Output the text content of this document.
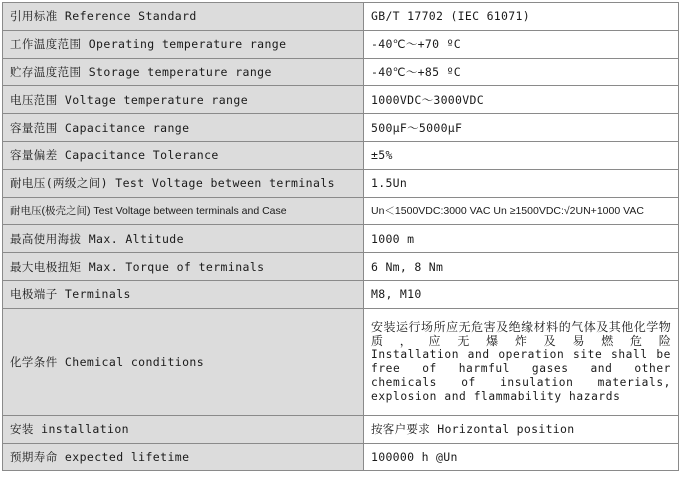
引用标准 Reference Standard	GB/T 17702 (IEC 61071)
工作温度范围 Operating temperature range	-40℃～+70 ºC
贮存温度范围 Storage temperature range	-40℃～+85 ºC
电压范围 Voltage temperature range	1000VDC～3000VDC
容量范围 Capacitance range	500μF～5000μF
容量偏差 Capacitance Tolerance	±5%
耐电压(两级之间) Test Voltage between terminals	1.5Un
耐电压(极壳之间) Test Voltage between terminals and Case	Un＜1500VDC:3000 VAC Un ≥1500VDC:√2UN+1000 VAC
最高使用海拔 Max. Altitude	1000 m
最大电极扭矩 Max. Torque of terminals	6 Nm, 8 Nm
电极端子 Terminals	M8, M10
化学条件 Chemical conditions	安装运行场所应无危害及绝缘材料的气体及其他化学物质，应无爆炸及易燃危险
Installation and operation site shall be free of harmful gases and other chemicals of insulation materials, explosion and flammability hazards

安装 installation	按客户要求 Horizontal position
预期寿命 expected lifetime	100000 h @Un
